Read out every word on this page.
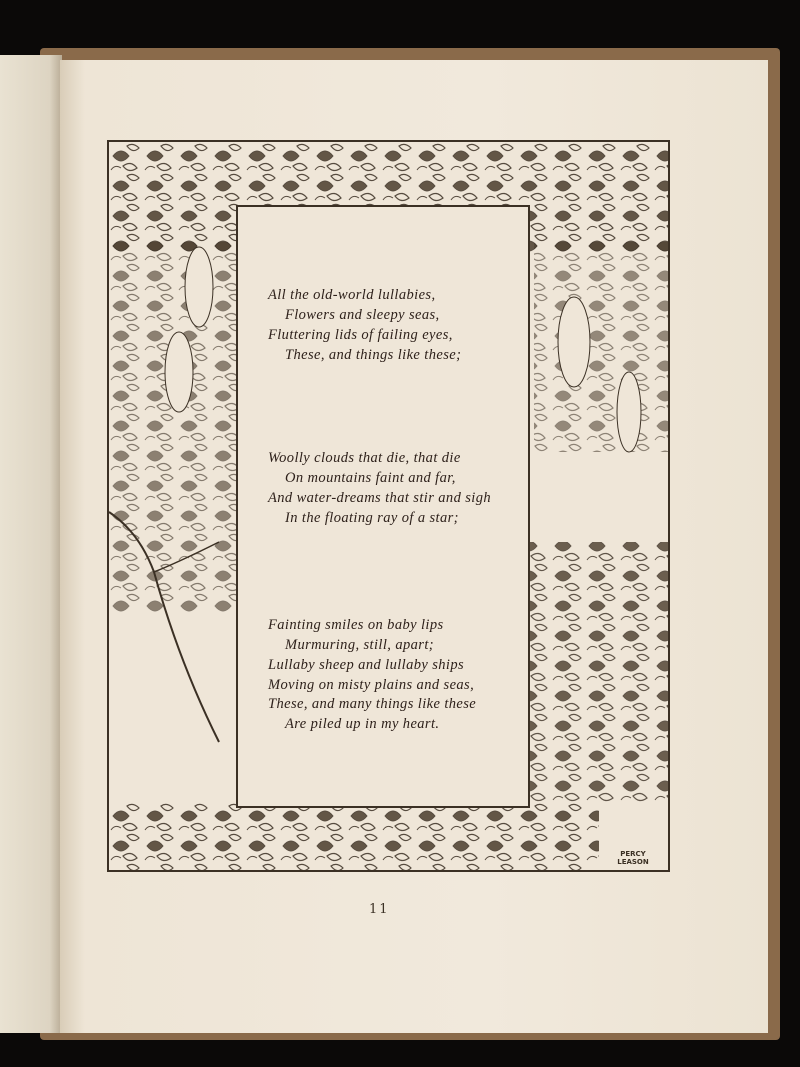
All the old-world lullabies,
Flowers and sleepy seas,
Fluttering lids of failing eyes,
These, and things like these;
Woolly clouds that die, that die
On mountains faint and far,
And water-dreams that stir and sigh
In the floating ray of a star;
Fainting smiles on baby lips
Murmuring, still, apart;
Lullaby sheep and lullaby ships
Moving on misty plains and seas,
These, and many things like these
Are piled up in my heart.
PERCY LEASON
11
